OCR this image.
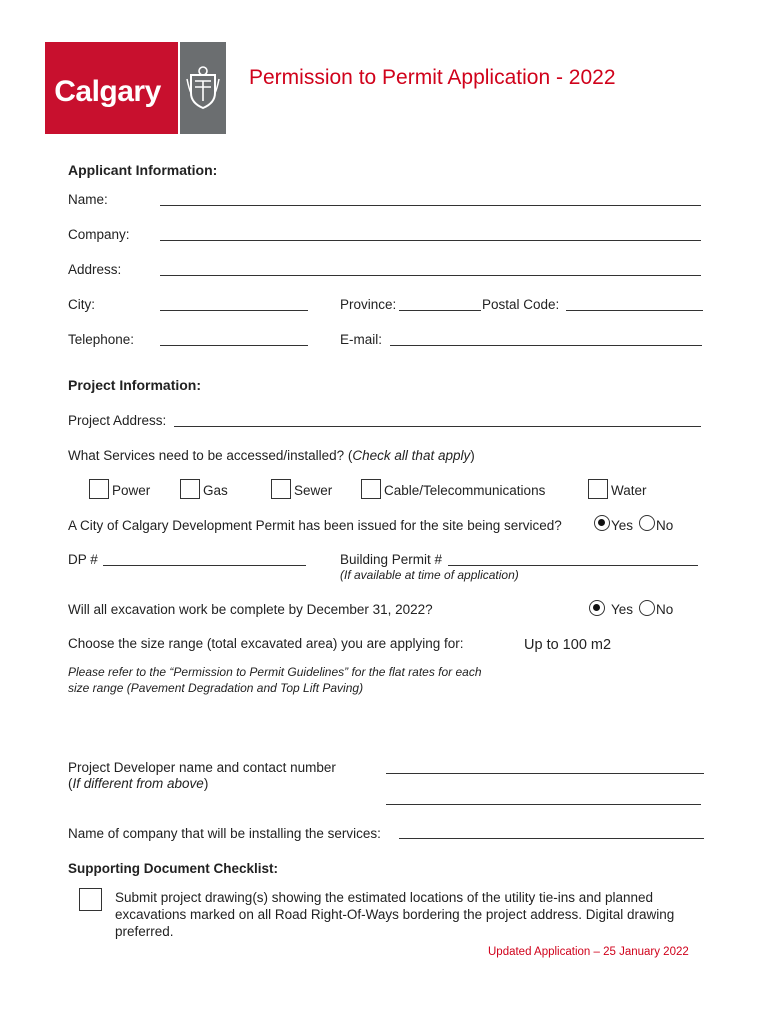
Calgary	Permission to Permit Application - 2022
Applicant Information:
Name:
Company:
Address:
City:	Province:	Postal Code:
Telephone:	E-mail:
Project Information:
Project Address:
What Services need to be accessed/installed? (Check all that apply)
Power	Gas	Sewer	Cable/Telecommunications	Water
A City of Calgary Development Permit has been issued for the site being serviced?	Yes No
DP #	Building Permit #
(If available at time of application)
Will all excavation work be complete by December 31, 2022?	Yes No
Choose the size range (total excavated area) you are applying for:	Up to 100 m2
Please refer to the “Permission to Permit Guidelines” for the flat rates for each
size range (Pavement Degradation and Top Lift Paving)
Project Developer name and contact number
(If different from above)
Name of company that will be installing the services:
Supporting Document Checklist:
Submit project drawing(s) showing the estimated locations of the utility tie-ins and planned
excavations marked on all Road Right-Of-Ways bordering the project address. Digital drawing
preferred.
Updated Application – 25 January 2022
